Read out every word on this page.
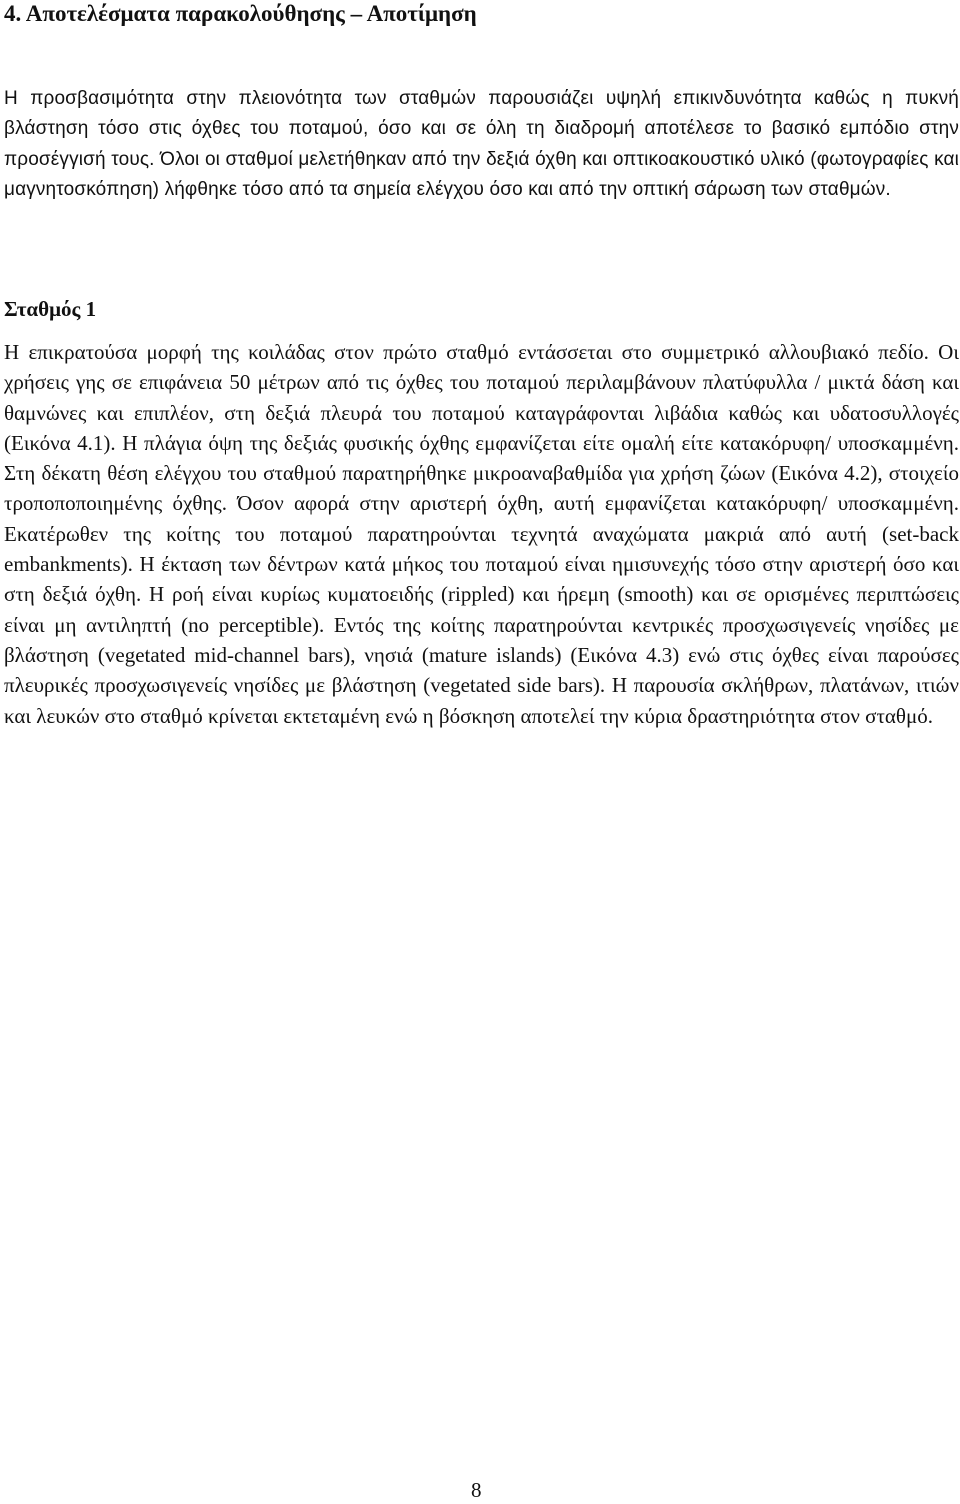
4. Αποτελέσματα παρακολούθησης – Αποτίμηση

Η προσβασιμότητα στην πλειονότητα των σταθμών παρουσιάζει υψηλή επικινδυνότητα καθώς η πυκνή βλάστηση τόσο στις όχθες του ποταμού, όσο και σε όλη τη διαδρομή αποτέλεσε το βασικό εμπόδιο στην προσέγγισή τους. Όλοι οι σταθμοί μελετήθηκαν από την δεξιά όχθη και οπτικοακουστικό υλικό (φωτογραφίες και μαγνητοσκόπηση) λήφθηκε τόσο από τα σημεία ελέγχου όσο και από την οπτική σάρωση των σταθμών.

Σταθμός 1

Η επικρατούσα μορφή της κοιλάδας στον πρώτο σταθμό εντάσσεται στο συμμετρικό αλλουβιακό πεδίο. Οι χρήσεις γης σε επιφάνεια 50 μέτρων από τις όχθες του ποταμού περιλαμβάνουν πλατύφυλλα / μικτά δάση και θαμνώνες και επιπλέον, στη δεξιά πλευρά του ποταμού καταγράφονται λιβάδια καθώς και υδατοσυλλογές (Εικόνα 4.1). Η πλάγια όψη της δεξιάς φυσικής όχθης εμφανίζεται είτε ομαλή είτε κατακόρυφη/ υποσκαμμένη. Στη δέκατη θέση ελέγχου του σταθμού παρατηρήθηκε μικροαναβαθμίδα για χρήση ζώων (Εικόνα 4.2), στοιχείο τροποποποιημένης όχθης. Όσον αφορά στην αριστερή όχθη, αυτή εμφανίζεται κατακόρυφη/ υποσκαμμένη. Εκατέρωθεν της κοίτης του ποταμού παρατηρούνται τεχνητά αναχώματα μακριά από αυτή (set-back embankments). Η έκταση των δέντρων κατά μήκος του ποταμού είναι ημισυνεχής τόσο στην αριστερή όσο και στη δεξιά όχθη. Η ροή είναι κυρίως κυματοειδής (rippled) και ήρεμη (smooth) και σε ορισμένες περιπτώσεις είναι μη αντιληπτή (no perceptible). Εντός της κοίτης παρατηρούνται κεντρικές προσχωσιγενείς νησίδες με βλάστηση (vegetated mid-channel bars), νησιά (mature islands) (Εικόνα 4.3) ενώ στις όχθες είναι παρούσες πλευρικές προσχωσιγενείς νησίδες με βλάστηση (vegetated side bars). Η παρουσία σκλήθρων, πλατάνων, ιτιών και λευκών στο σταθμό κρίνεται εκτεταμένη ενώ η βόσκηση αποτελεί την κύρια δραστηριότητα στον σταθμό.

8
